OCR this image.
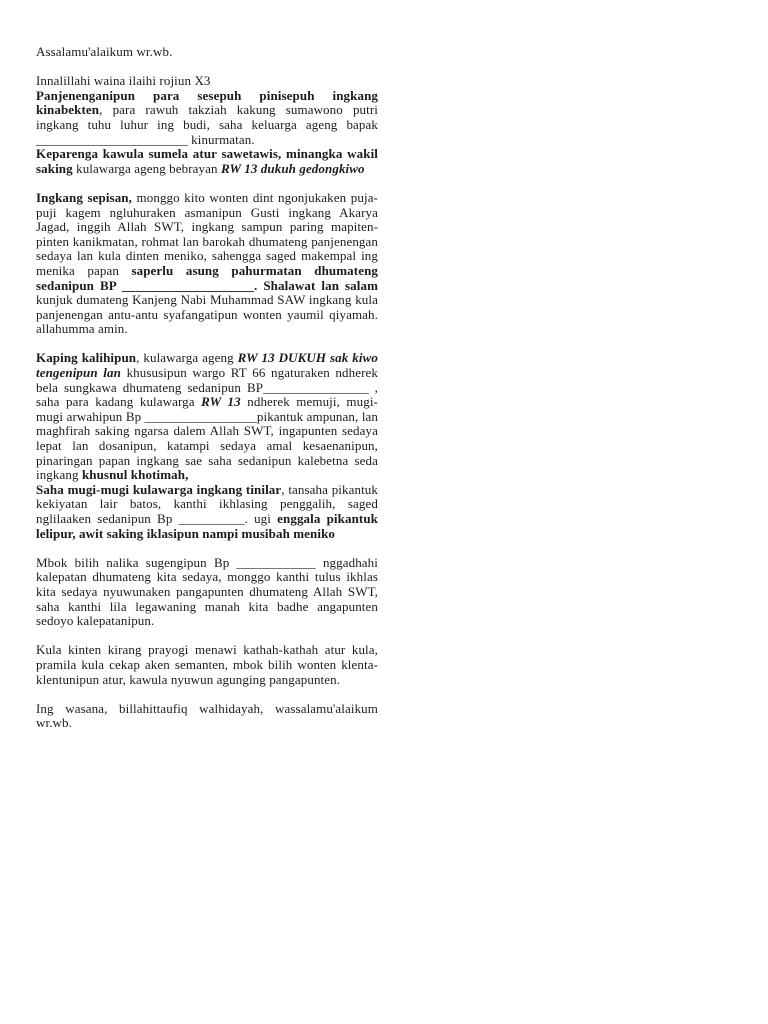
Assalamu'alaikum wr.wb.

Innalillahi waina ilaihi rojiun X3

Panjenenganipun para sesepuh pinisepuh ingkang kinabekten, para rawuh takziah kakung sumawono putri ingkang tuhu luhur ing budi, saha keluarga ageng bapak _______________________ kinurmatan.

Keparenga kawula sumela atur sawetawis, minangka wakil saking kulawarga ageng bebrayan RW 13 dukuh gedongkiwo

Ingkang sepisan, monggo kito wonten dint ngonjukaken puja-puji kagem ngluhuraken asmanipun Gusti ingkang Akarya Jagad, inggih Allah SWT, ingkang sampun paring mapiten-pinten kanikmatan, rohmat lan barokah dhumateng panjenengan sedaya lan kula dinten meniko, sahengga saged makempal ing menika papan saperlu asung pahurmatan dhumateng sedanipun BP ____________________. Shalawat lan salam kunjuk dumateng Kanjeng Nabi Muhammad SAW ingkang kula panjenengan antu-antu syafangatipun wonten yaumil qiyamah. allahumma amin.

Kaping kalihipun, kulawarga ageng RW 13 DUKUH sak kiwo tengenipun lan khususipun wargo RT 66 ngaturaken ndherek bela sungkawa dhumateng sedanipun BP________________ , saha para kadang kulawarga RW 13 ndherek memuji, mugi-mugi arwahipun Bp _________________pikantuk ampunan, lan maghfirah saking ngarsa dalem Allah SWT, ingapunten sedaya lepat lan dosanipun, katampi sedaya amal kesaenanipun, pinaringan papan ingkang sae saha sedanipun kalebetna seda ingkang khusnul khotimah,

Saha mugi-mugi kulawarga ingkang tinilar, tansaha pikantuk kekiyatan lair batos, kanthi ikhlasing penggalih, saged nglilaaken sedanipun Bp __________. ugi enggala pikantuk lelipur, awit saking iklasipun nampi musibah meniko

Mbok bilih nalika sugengipun Bp ____________ nggadhahi kalepatan dhumateng kita sedaya, monggo kanthi tulus ikhlas kita sedaya nyuwunaken pangapunten dhumateng Allah SWT, saha kanthi lila legawaning manah kita badhe angapunten sedoyo kalepatanipun.

Kula kinten kirang prayogi menawi kathah-kathah atur kula, pramila kula cekap aken semanten, mbok bilih wonten klenta-klentunipun atur, kawula nyuwun agunging pangapunten.

Ing wasana, billahittaufiq walhidayah, wassalamu'alaikum wr.wb.
